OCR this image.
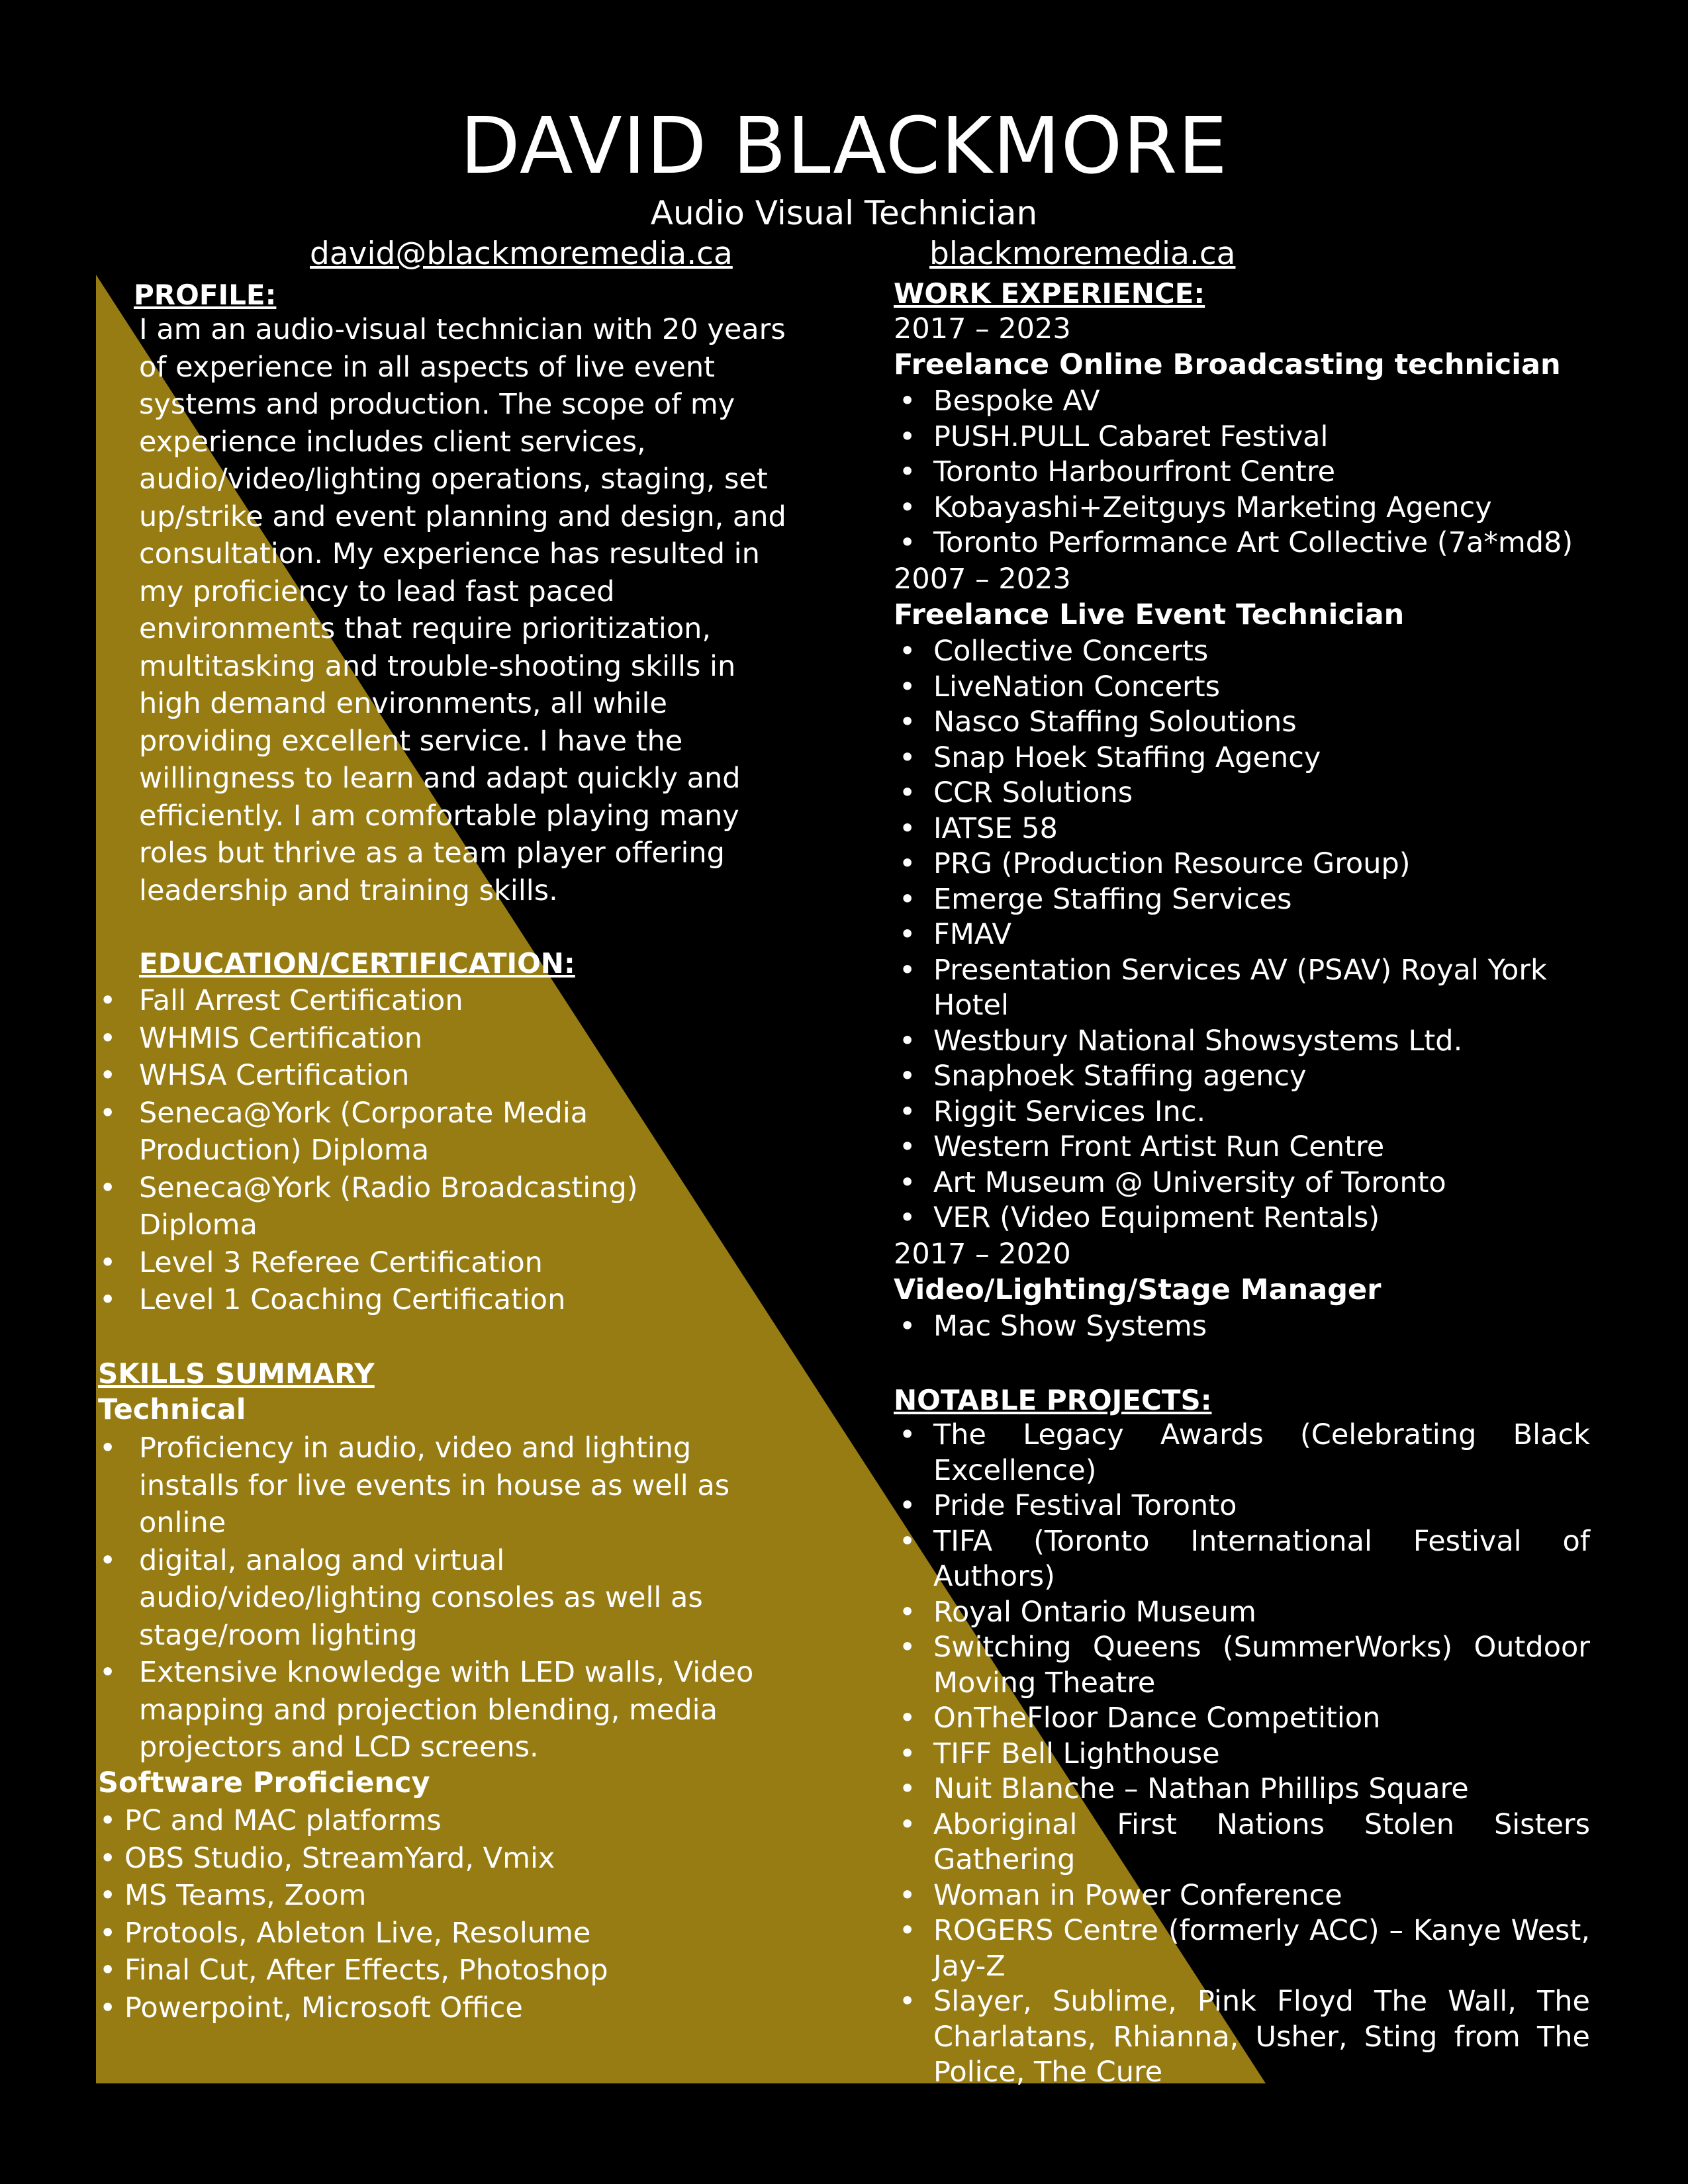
DAVID BLACKMORE
Audio Visual Technician
david@blackmoremedia.ca	blackmoremedia.ca
PROFILE:
I am an audio-visual technician with 20 years of experience in all aspects of live event systems and production. The scope of my experience includes client services, audio/video/lighting operations, staging, set up/strike and event planning and design, and consultation. My experience has resulted in my proficiency to lead fast paced environments that require prioritization, multitasking and trouble-shooting skills in high demand environments, all while providing excellent service. I have the willingness to learn and adapt quickly and efficiently. I am comfortable playing many roles but thrive as a team player offering leadership and training skills.
EDUCATION/CERTIFICATION:
• Fall Arrest Certification
• WHMIS Certification
• WHSA Certification
• Seneca@York (Corporate Media Production) Diploma
• Seneca@York (Radio Broadcasting) Diploma
• Level 3 Referee Certification
• Level 1 Coaching Certification
SKILLS SUMMARY
Technical
• Proficiency in audio, video and lighting installs for live events in house as well as online
• digital, analog and virtual audio/video/lighting consoles as well as stage/room lighting
• Extensive knowledge with LED walls, Video mapping and projection blending, media projectors and LCD screens.
Software Proficiency
• PC and MAC platforms
• OBS Studio, StreamYard, Vmix
• MS Teams, Zoom
• Protools, Ableton Live, Resolume
• Final Cut, After Effects, Photoshop
• Powerpoint, Microsoft Office
WORK EXPERIENCE:
2017 – 2023
Freelance Online Broadcasting technician
• Bespoke AV
• PUSH.PULL Cabaret Festival
• Toronto Harbourfront Centre
• Kobayashi+Zeitguys Marketing Agency
• Toronto Performance Art Collective (7a*md8)
2007 – 2023
Freelance Live Event Technician
• Collective Concerts
• LiveNation Concerts
• Nasco Staffing Soloutions
• Snap Hoek Staffing Agency
• CCR Solutions
• IATSE 58
• PRG (Production Resource Group)
• Emerge Staffing Services
• FMAV
• Presentation Services AV (PSAV) Royal York Hotel
• Westbury National Showsystems Ltd.
• Snaphoek Staffing agency
• Riggit Services Inc.
• Western Front Artist Run Centre
• Art Museum @ University of Toronto
• VER (Video Equipment Rentals)
2017 – 2020
Video/Lighting/Stage Manager
• Mac Show Systems
NOTABLE PROJECTS:
• The Legacy Awards (Celebrating Black Excellence)
• Pride Festival Toronto
• TIFA (Toronto International Festival of Authors)
• Royal Ontario Museum
• Switching Queens (SummerWorks) Outdoor Moving Theatre
• OnTheFloor Dance Competition
• TIFF Bell Lighthouse
• Nuit Blanche – Nathan Phillips Square
• Aboriginal First Nations Stolen Sisters Gathering
• Woman in Power Conference
• ROGERS Centre (formerly ACC) – Kanye West, Jay-Z
• Slayer, Sublime, Pink Floyd The Wall, The Charlatans, Rhianna, Usher, Sting from The Police, The Cure
